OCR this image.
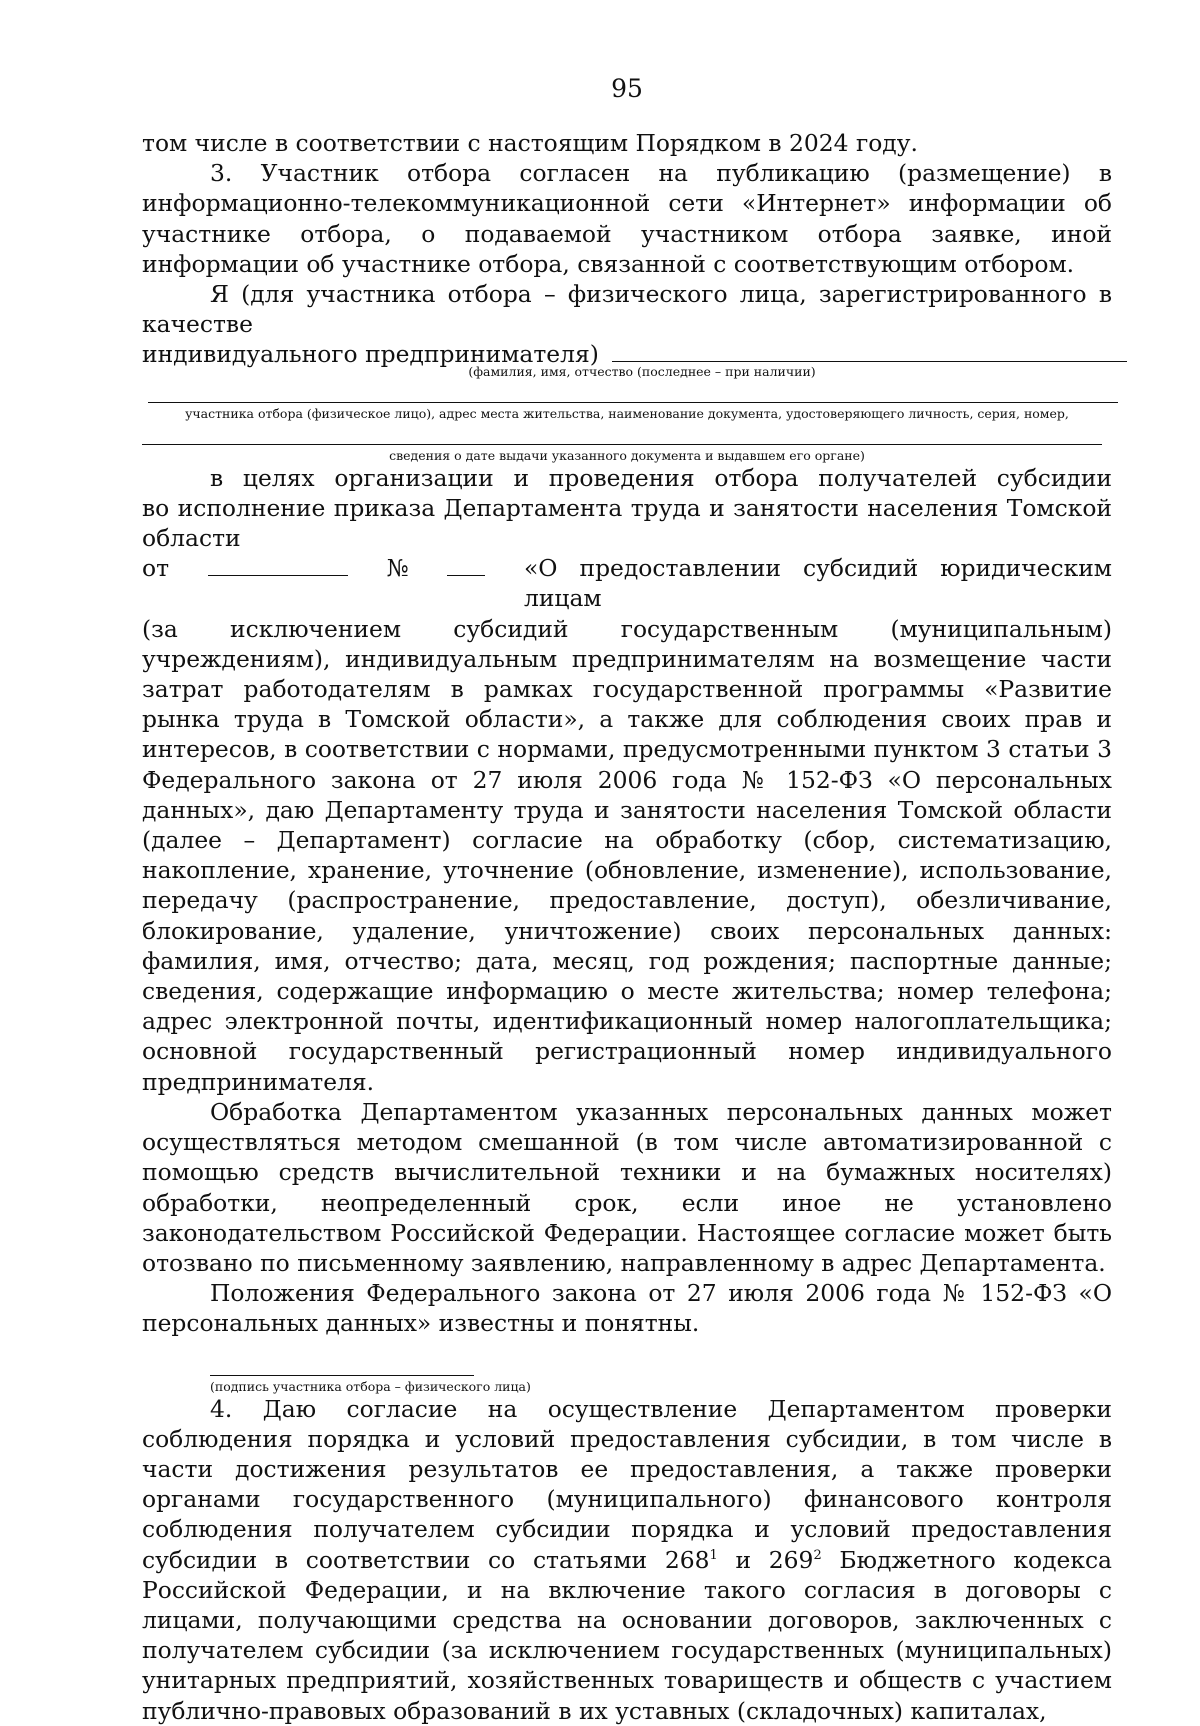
95

том числе в соответствии с настоящим Порядком в 2024 году.

3. Участник отбора согласен на публикацию (размещение) в информационно-телекоммуникационной сети «Интернет» информации об участнике отбора, о подаваемой участником отбора заявке, иной информации об участнике отбора, связанной с соответствующим отбором.

Я (для участника отбора – физического лица, зарегистрированного в качестве

индивидуального предпринимателя)

(фамилия, имя, отчество (последнее – при наличии)
участника отбора (физическое лицо), адрес места жительства, наименование документа, удостоверяющего личность, серия, номер,
сведения о дате выдачи указанного документа и выдавшем его органе)

в целях организации и проведения отбора получателей субсидии

во исполнение приказа Департамента труда и занятости населения Томской области

от	№	«О предоставлении субсидий юридическим лицам

(за исключением субсидий государственным (муниципальным) учреждениям), индивидуальным предпринимателям на возмещение части затрат работодателям в рамках государственной программы «Развитие рынка труда в Томской области», а также для соблюдения своих прав и интересов, в соответствии с нормами, предусмотренными пунктом 3 статьи 3 Федерального закона от 27 июля 2006 года № 152-ФЗ «О персональных данных», даю Департаменту труда и занятости населения Томской области (далее – Департамент) согласие на обработку (сбор, систематизацию, накопление, хранение, уточнение (обновление, изменение), использование, передачу (распространение, предоставление, доступ), обезличивание, блокирование, удаление, уничтожение) своих персональных данных: фамилия, имя, отчество; дата, месяц, год рождения; паспортные данные; сведения, содержащие информацию о месте жительства; номер телефона; адрес электронной почты, идентификационный номер налогоплательщика; основной государственный регистрационный номер индивидуального предпринимателя.

Обработка Департаментом указанных персональных данных может осуществляться методом смешанной (в том числе автоматизированной с помощью средств вычислительной техники и на бумажных носителях) обработки, неопределенный срок, если иное не установлено законодательством Российской Федерации. Настоящее согласие может быть отозвано по письменному заявлению, направленному в адрес Департамента.

Положения Федерального закона от 27 июля 2006 года № 152-ФЗ «О персональных данных» известны и понятны.

(подпись участника отбора – физического лица)

4. Даю согласие на осуществление Департаментом проверки соблюдения порядка и условий предоставления субсидии, в том числе в части достижения результатов ее предоставления, а также проверки органами государственного (муниципального) финансового контроля соблюдения получателем субсидии порядка и условий предоставления субсидии в соответствии со статьями $268^1$ и $269^2$ Бюджетного кодекса Российской Федерации, и на включение такого согласия в договоры с лицами, получающими средства на основании договоров, заключенных с получателем субсидии (за исключением государственных (муниципальных) унитарных предприятий, хозяйственных товариществ и обществ с участием публично-правовых образований в их уставных (складочных) капиталах,
